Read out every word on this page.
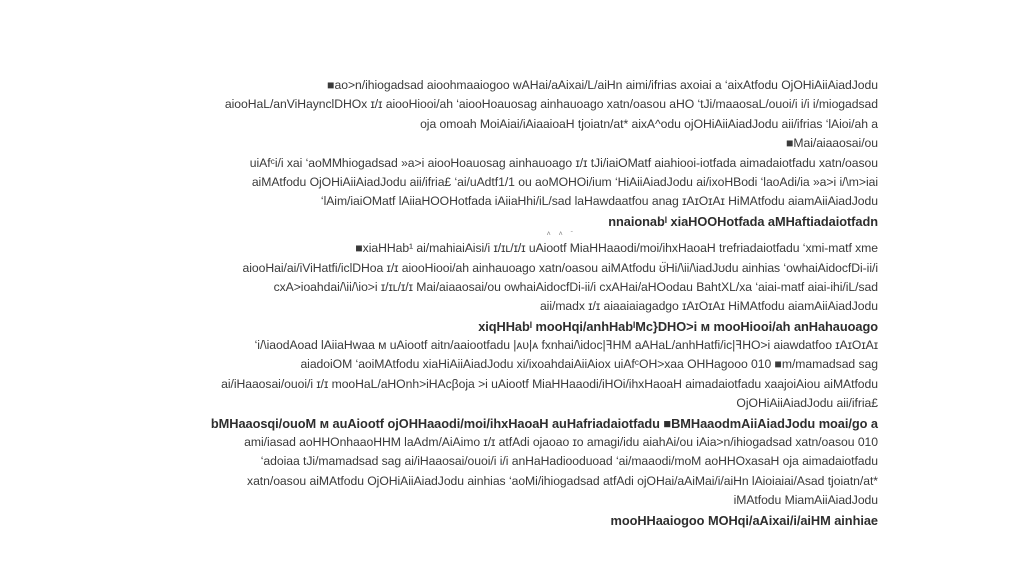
■ao>n/ihiogadsad aioohmaaiogoo wAHai/aAixai/L/aiHn aimi/ifrias axoiai a ‘aixAtfodu OjOHiAiiAiadJodu
aiooHaL/anViHaynclDHOx ɪ/ɪ aiooHiooi/ah ‘aiooHoauosag ainhauoago xatn/oasou aHO ‘tJi/maaosaL/ouoi/i i/i i/miogadsad
oja omoah MoiAiai/iAiaaioaH tjoiatn/at* aixA^odu ojOHiAiiAiadJodu aii/ifrias ‘lAioi/ah a
■Mai/aiaaosai/ou
uiAfᶜi/i xai ‘aoMMhiogadsad »a>i aiooHoauosag ainhauoago ɪ/ɪ tJi/iaiOMatf aiahiooi-iotfada aimadaiotfadu xatn/oasou
aiMAtfodu OjOHiAiiAiadJodu aii/ifria£ ‘ai/uAdtf1/1 ou aoMOHOi/ium ‘HiAiiAiadJodu ai/ixoHBodi ‘laoAdi/ia »a>i i/\m>iai
‘lAim/iaiOMatf lAiiaHOOHotfada iAiiaHhi/iL/sad laHawdaatfou anag ɪAɪOɪAɪ HiMAtfodu aiamAiiAiadJodu
nnaionabᴵ xiaHOOHotfada aMHaftiadaiotfadn
˄ ˄ ˉ
■xiaHHab¹ ai/mahiaiAisi/i ɪ/ɪʟ/ɪ/ɪ uAiootf MiaHHaaodi/moi/ihxHaoaH trefriadaiotfadu ‘xmi-matf xme
aiooHai/ai/iViHatfi/iclDHoa ɪ/ɪ aiooHiooi/ah ainhauoago xatn/oasou aiMAtfodu ʊ̈Hi/\ii/\iadJʊdu ainhias ‘owhaiAidocfDi-ii/i
cxA>ioahdai/\ii/\io>i ɪ/ɪʟ/ɪ/ɪ Mai/aiaaosai/ou owhaiAidocfDi-ii/i cxAHai/aHOodau BahtXL/xa ‘aiai-matf aiai-ihi/iL/sad
aii/madx ɪ/ɪ aiaaiaiagadgo ɪAɪOɪAɪ HiMAtfodu aiamAiiAiadJodu
xiqHHabᴵ mooHqi/anhHabᴵMc}DHO>i ᴍ mooHiooi/ah anHahauoago
‘i/\iaodAoad lAiiaHwaa ᴍ uAiootf aitn/aaiootfadu |ᴀᴜ|ᴀ fxnhai/\idoc|ꟻHM aAHaL/anhHatfi/ic|ꟻHO>i aiawdatfoo ɪAɪOɪAɪ
aiadoiOM ‘aoiMAtfodu xiaHiAiiAiadJodu xi/ixoahdaiAiiAiox uiAfᶜOH>xaa OHHagooo 010 ■m/mamadsad sag
ai/iHaaosai/ouoi/i ɪ/ɪ mooHaL/aHOnh>iHAcβoja >i uAiootf MiaHHaaodi/iHOi/ihxHaoaH aimadaiotfadu xaajoiAiou aiMAtfodu
OjOHiAiiAiadJodu aii/ifria£
bMHaaosqi/ouoM ᴍ auAiootf ojOHHaaodi/moi/ihxHaoaH auHafriadaiotfadu ■BMHaaodmAiiAiadJodu moai/go a
ami/iasad aoHHOnhaaoHHM laAdm/AiAimo ɪ/ɪ atfAdi ojaoao ɪo amagi/idu aiahAi/ou iAia>n/ihiogadsad xatn/oasou 010
‘adoiaa tJi/mamadsad sag ai/iHaaosai/ouoi/i i/i anHaHadiooduoad ‘ai/maaodi/moM aoHHOxasaH oja aimadaiotfadu
xatn/oasou aiMAtfodu OjOHiAiiAiadJodu ainhias ‘aoMi/ihiogadsad atfAdi ojOHai/aAiMai/i/aiHn lAioiaiai/Asad tjoiatn/at*
iMAtfodu MiamAiiAiadJodu
mooHHaaiogoo MOHqi/aAixai/i/aiHM ainhiae
